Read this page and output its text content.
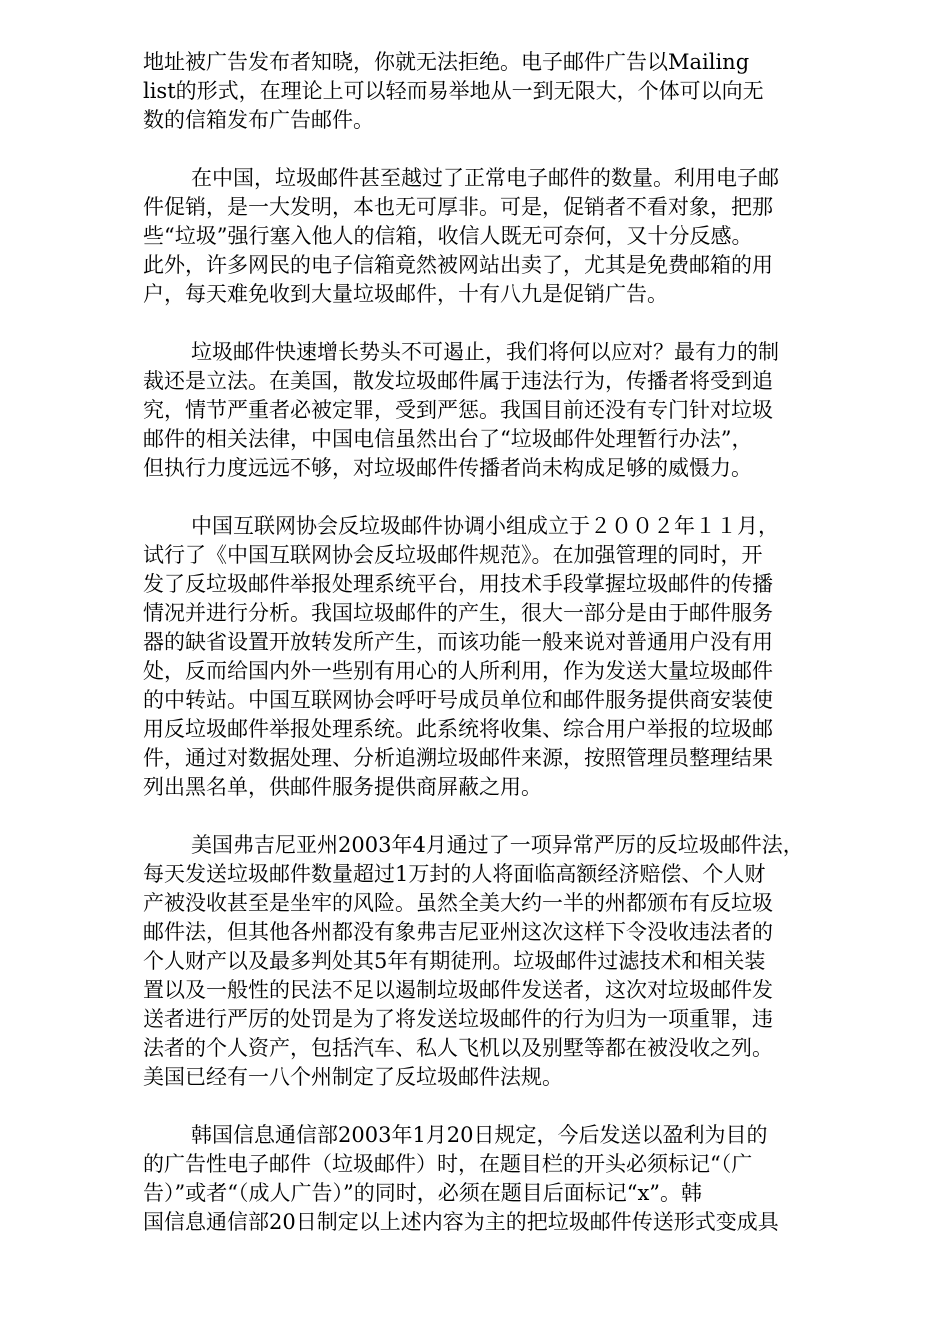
地址被广告发布者知晓，你就无法拒绝。电子邮件广告以Mailing
list的形式，在理论上可以轻而易举地从一到无限大，个体可以向无
数的信箱发布广告邮件。
在中国，垃圾邮件甚至越过了正常电子邮件的数量。利用电子邮
件促销，是一大发明，本也无可厚非。可是，促销者不看对象，把那
些“垃圾”强行塞入他人的信箱，收信人既无可奈何，又十分反感。
此外，许多网民的电子信箱竟然被网站出卖了，尤其是免费邮箱的用
户，每天难免收到大量垃圾邮件，十有八九是促销广告。
垃圾邮件快速增长势头不可遏止，我们将何以应对？最有力的制
裁还是立法。在美国，散发垃圾邮件属于违法行为，传播者将受到追
究，情节严重者必被定罪，受到严惩。我国目前还没有专门针对垃圾
邮件的相关法律，中国电信虽然出台了“垃圾邮件处理暂行办法”，
但执行力度远远不够，对垃圾邮件传播者尚未构成足够的威慑力。
中国互联网协会反垃圾邮件协调小组成立于２００２年１１月，
试行了《中国互联网协会反垃圾邮件规范》。在加强管理的同时，开
发了反垃圾邮件举报处理系统平台，用技术手段掌握垃圾邮件的传播
情况并进行分析。我国垃圾邮件的产生，很大一部分是由于邮件服务
器的缺省设置开放转发所产生，而该功能一般来说对普通用户没有用
处，反而给国内外一些别有用心的人所利用，作为发送大量垃圾邮件
的中转站。中国互联网协会呼吁号成员单位和邮件服务提供商安装使
用反垃圾邮件举报处理系统。此系统将收集、综合用户举报的垃圾邮
件，通过对数据处理、分析追溯垃圾邮件来源，按照管理员整理结果
列出黑名单，供邮件服务提供商屏蔽之用。
美国弗吉尼亚州2003年4月通过了一项异常严厉的反垃圾邮件法，
每天发送垃圾邮件数量超过1万封的人将面临高额经济赔偿、个人财
产被没收甚至是坐牢的风险。虽然全美大约一半的州都颁布有反垃圾
邮件法，但其他各州都没有象弗吉尼亚州这次这样下令没收违法者的
个人财产以及最多判处其5年有期徒刑。垃圾邮件过滤技术和相关装
置以及一般性的民法不足以遏制垃圾邮件发送者，这次对垃圾邮件发
送者进行严厉的处罚是为了将发送垃圾邮件的行为归为一项重罪，违
法者的个人资产，包括汽车、私人飞机以及别墅等都在被没收之列。
美国已经有一八个州制定了反垃圾邮件法规。
韩国信息通信部2003年1月20日规定，今后发送以盈利为目的
的广告性电子邮件（垃圾邮件）时，在题目栏的开头必须标记“（广
告）”或者“（成人广告）”的同时，必须在题目后面标记“x”。韩
国信息通信部20日制定以上述内容为主的把垃圾邮件传送形式变成具
